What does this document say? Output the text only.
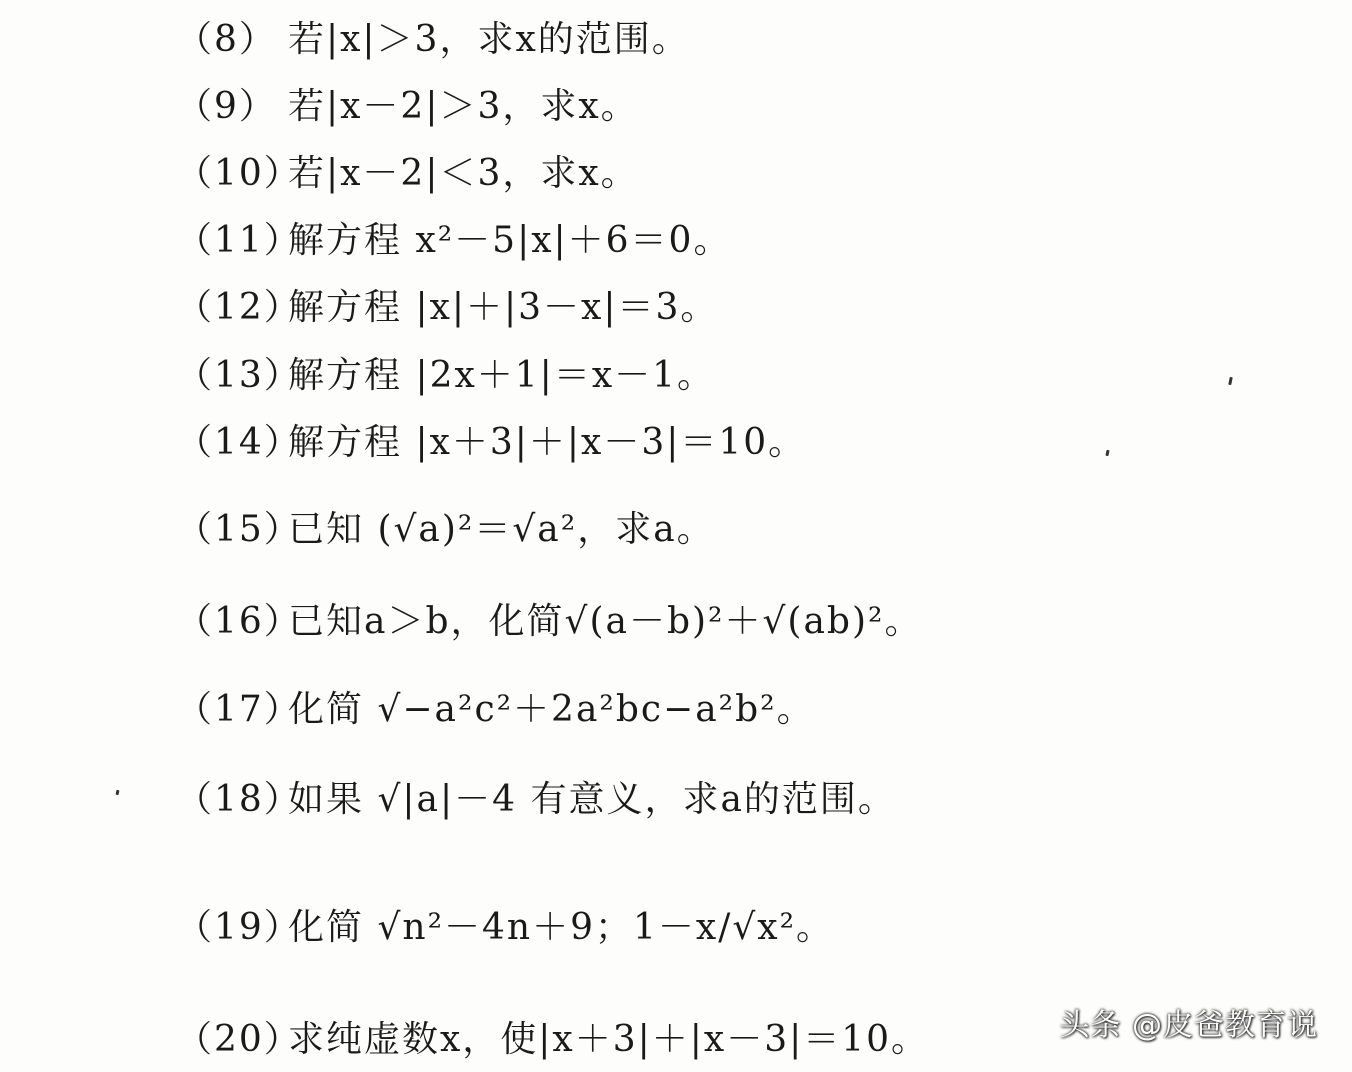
（8） 若|x|＞3，求x的范围。
（9） 若|x－2|＞3，求x。
（10）若|x－2|＜3，求x。
（11）解方程 x²－5|x|＋6＝0。
（12）解方程 |x|＋|3－x|＝3。
（13）解方程 |2x＋1|＝x－1。
（14）解方程 |x＋3|＋|x－3|＝10。
（15）已知 (√a)²＝√a²，求a。
（16）已知a＞b，化简√(a－b)²＋√(ab)²。
（17）化简 √−a²c²＋2a²bc−a²b²。
（18）如果 √|a|－4 有意义，求a的范围。
（19）化简 √n²－4n＋9；1－x/√x²。
（20）求纯虚数x，使|x＋3|＋|x－3|＝10。	头条 @皮爸教育说
